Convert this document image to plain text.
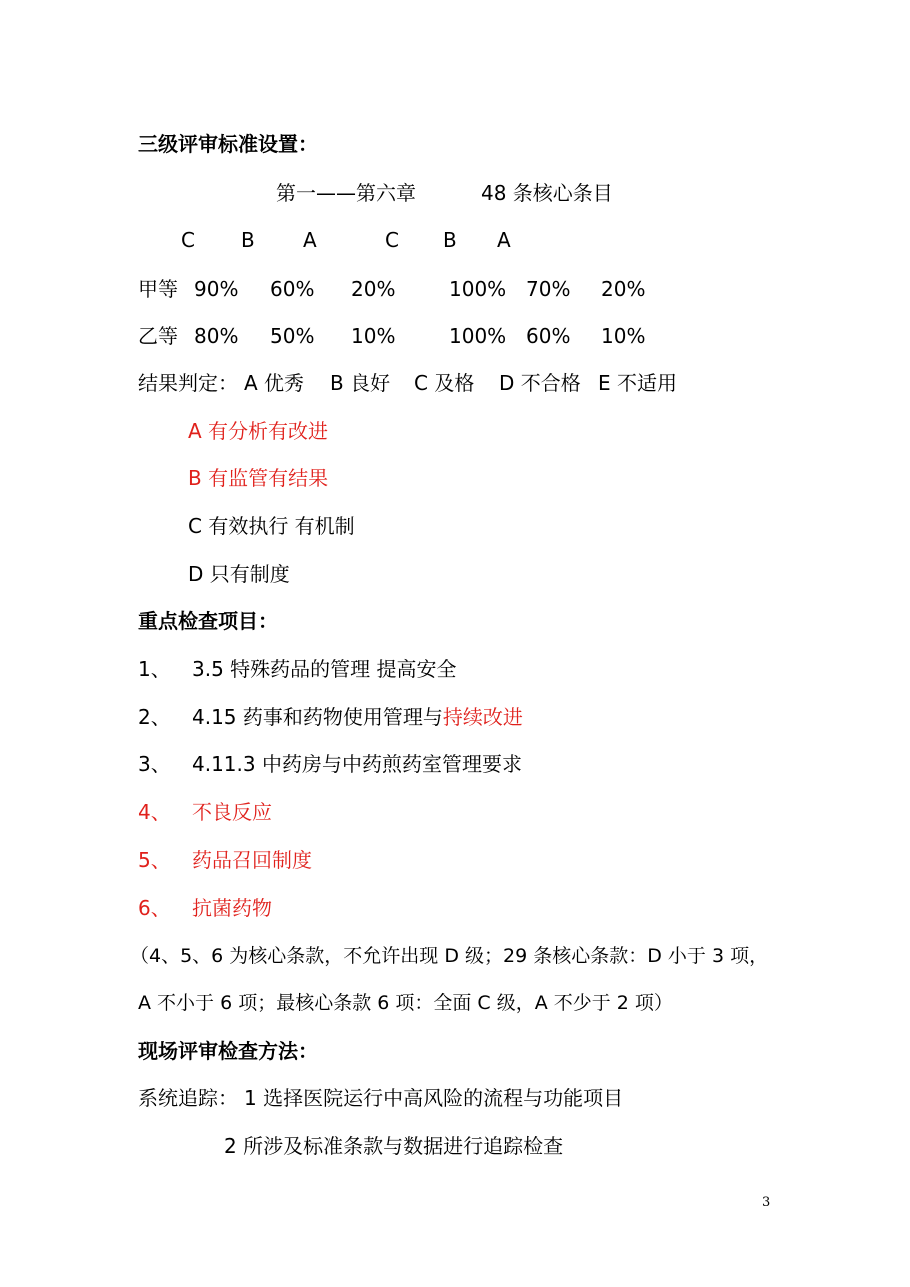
三级评审标准设置：
第一——第六章	48 条核心条目
C B A	C B A
甲等 90% 60% 20%	100% 70% 20%
乙等 80% 50% 10%	100% 60% 10%
结果判定： A 优秀 B 良好 C 及格 D 不合格 E 不适用
A 有分析有改进
B 有监管有结果
C 有效执行 有机制
D 只有制度
重点检查项目：
1、 3.5 特殊药品的管理 提高安全
2、 4.15 药事和药物使用管理与持续改进
3、 4.11.3 中药房与中药煎药室管理要求
4、 不良反应
5、 药品召回制度
6、 抗菌药物
（4、5、6 为核心条款，不允许出现 D 级；29 条核心条款：D 小于 3 项，
A 不小于 6 项；最核心条款 6 项：全面 C 级，A 不少于 2 项）
现场评审检查方法：
系统追踪： 1 选择医院运行中高风险的流程与功能项目
2 所涉及标准条款与数据进行追踪检查
3
